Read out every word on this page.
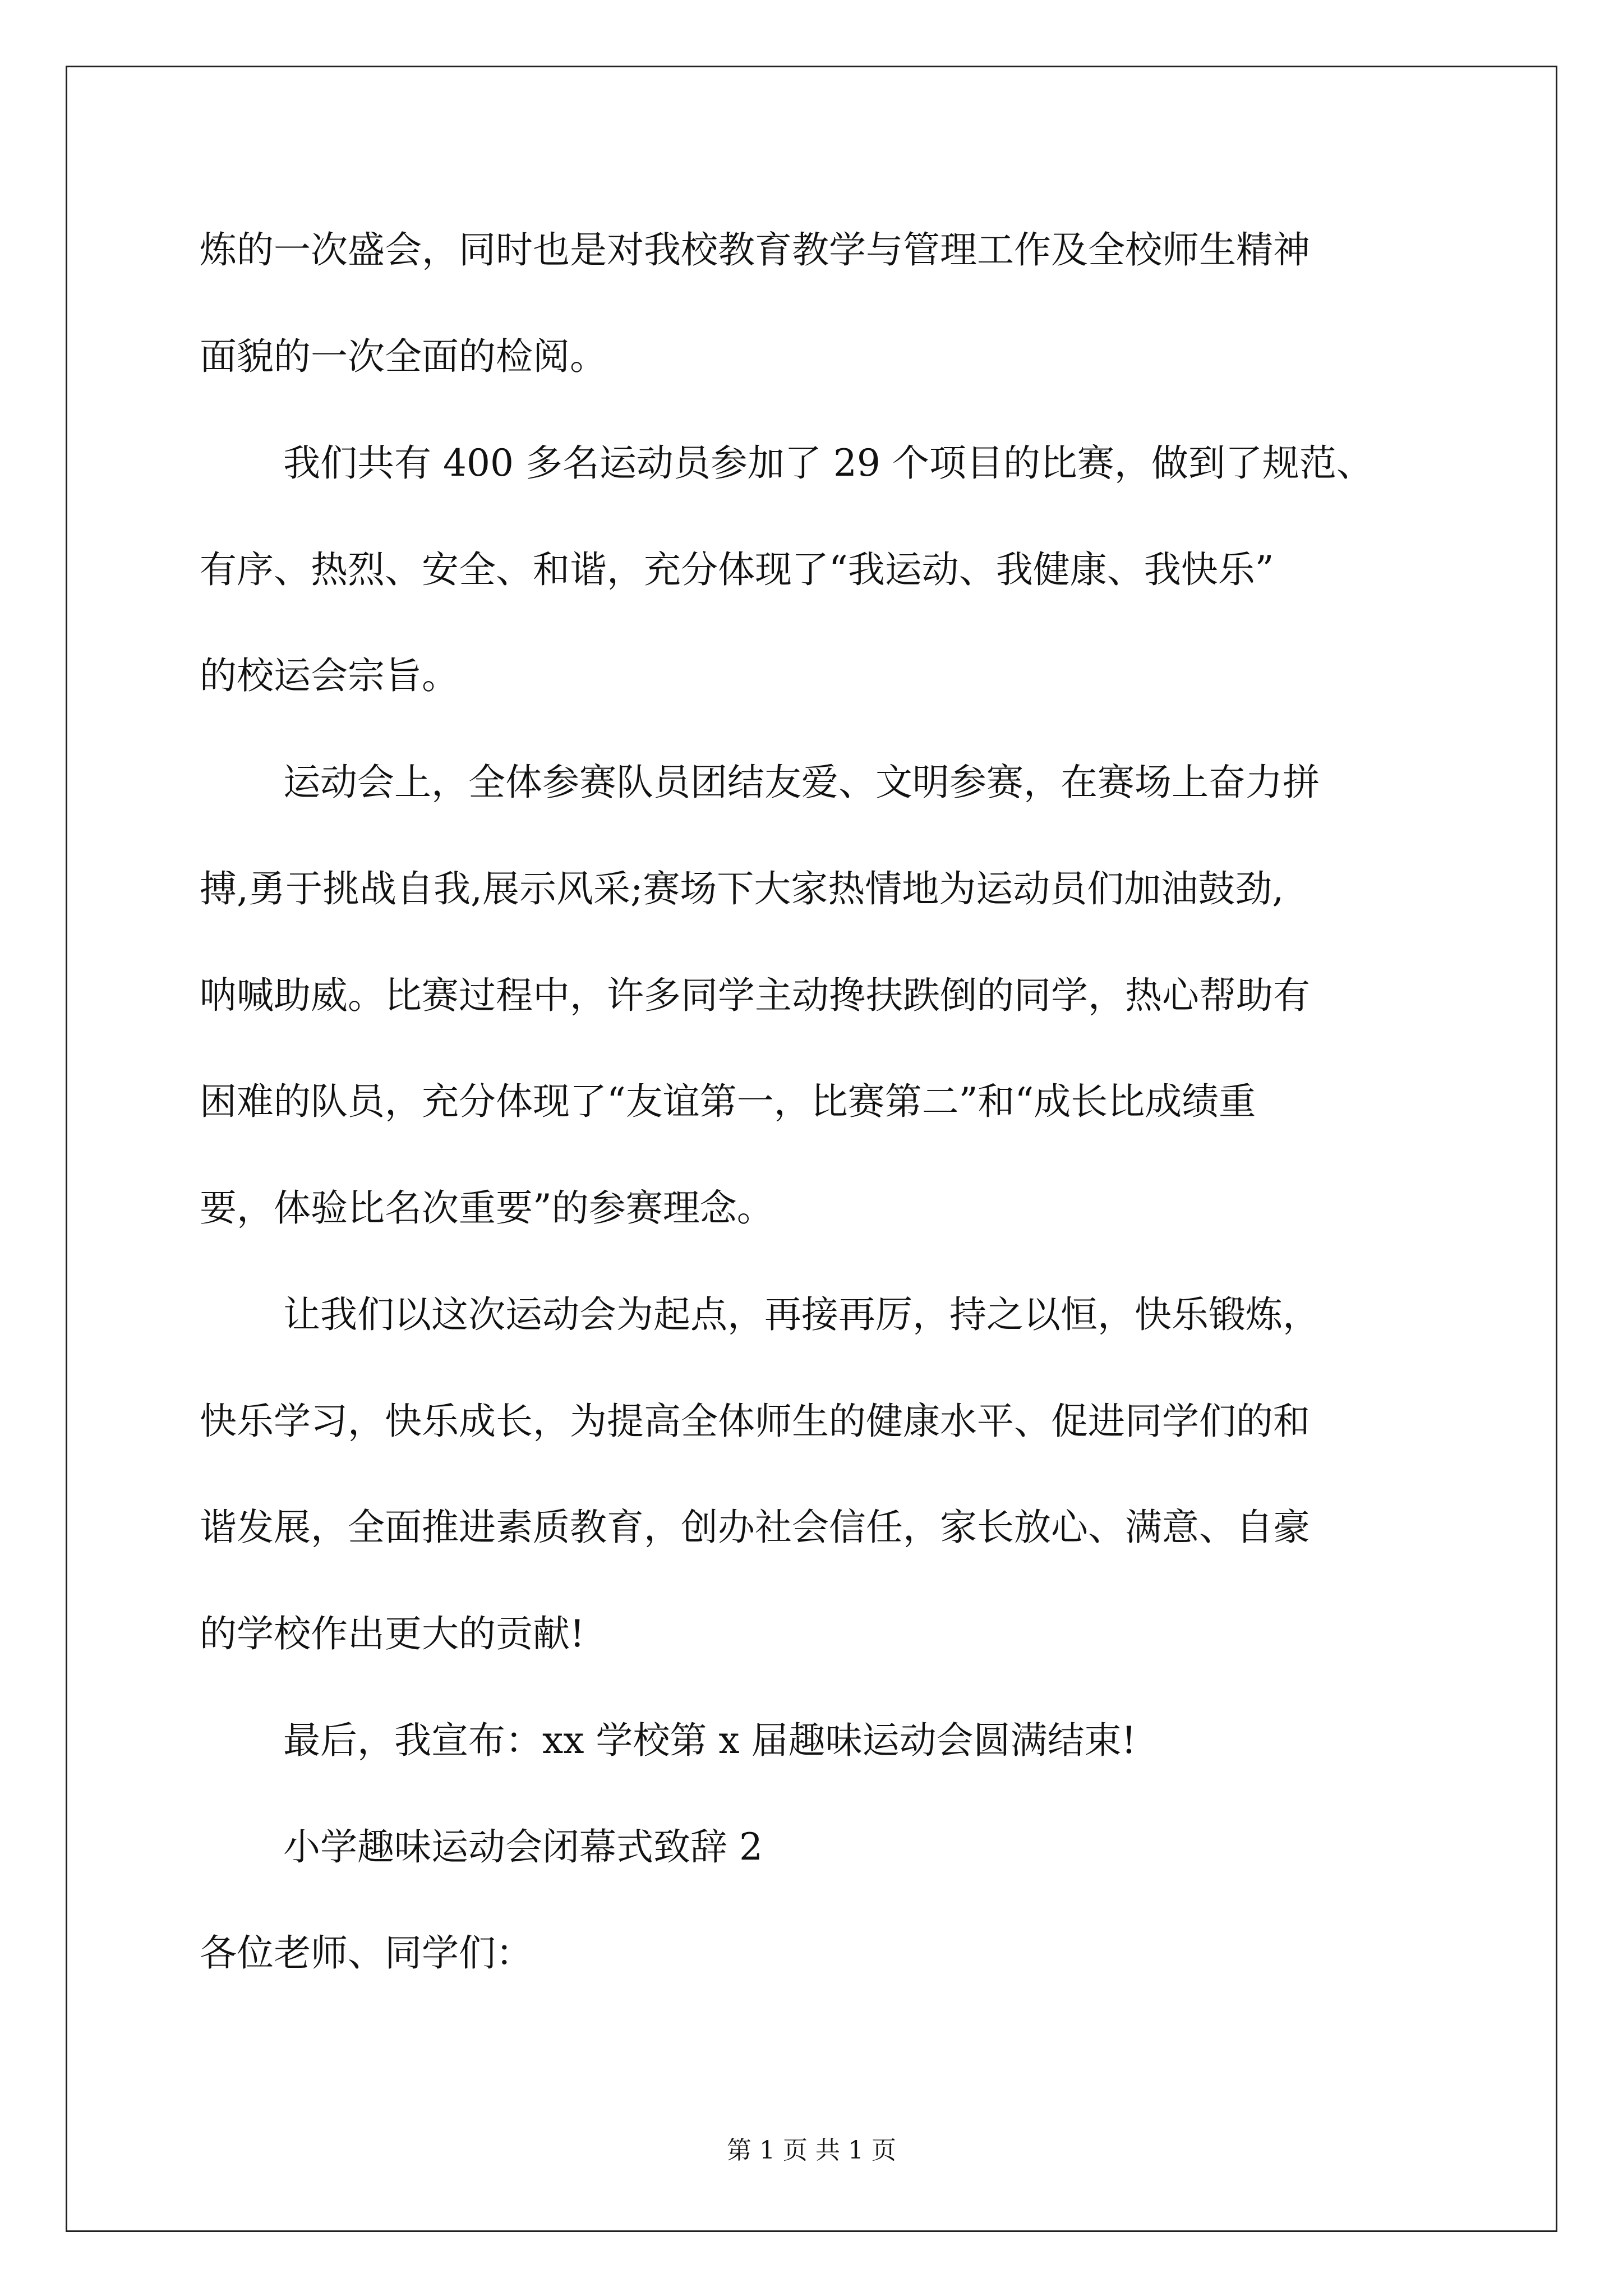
炼的一次盛会，同时也是对我校教育教学与管理工作及全校师生精神

面貌的一次全面的检阅。

我们共有 400 多名运动员参加了 29 个项目的比赛，做到了规范、

有序、热烈、安全、和谐，充分体现了“我运动、我健康、我快乐”

的校运会宗旨。

运动会上，全体参赛队员团结友爱、文明参赛，在赛场上奋力拼

搏,勇于挑战自我,展示风采;赛场下大家热情地为运动员们加油鼓劲,

呐喊助威。比赛过程中，许多同学主动搀扶跌倒的同学，热心帮助有

困难的队员，充分体现了“友谊第一，比赛第二”和“成长比成绩重

要，体验比名次重要”的参赛理念。

让我们以这次运动会为起点，再接再厉，持之以恒，快乐锻炼，

快乐学习，快乐成长，为提高全体师生的健康水平、促进同学们的和

谐发展，全面推进素质教育，创办社会信任，家长放心、满意、自豪

的学校作出更大的贡献!

最后，我宣布：xx 学校第 x 届趣味运动会圆满结束!

小学趣味运动会闭幕式致辞 2

各位老师、同学们：

第 1 页 共 1 页
